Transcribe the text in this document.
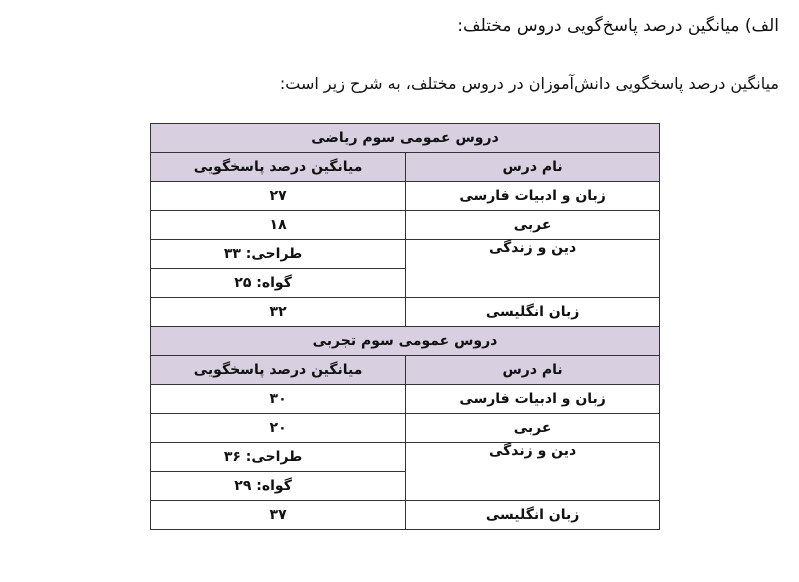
الف) میانگین درصد پاسخ‌گویی دروس مختلف:
میانگین درصد پاسخگویی دانش‌آموزان در دروس مختلف، به شرح زیر است:
دروس عمومی سوم ریاضی	
نام درس	میانگین درصد پاسخگویی
زبان و ادبیات فارسی	۲۷
عربی	۱۸
دین و زندگی	طراحی: ۳۳
	گواه: ۲۵
زبان انگلیسی	۳۲
دروس عمومی سوم تجربی	
نام درس	میانگین درصد پاسخگویی
زبان و ادبیات فارسی	۳۰
عربی	۲۰
دین و زندگی	طراحی: ۳۶
	گواه: ۲۹
زبان انگلیسی	۳۷
